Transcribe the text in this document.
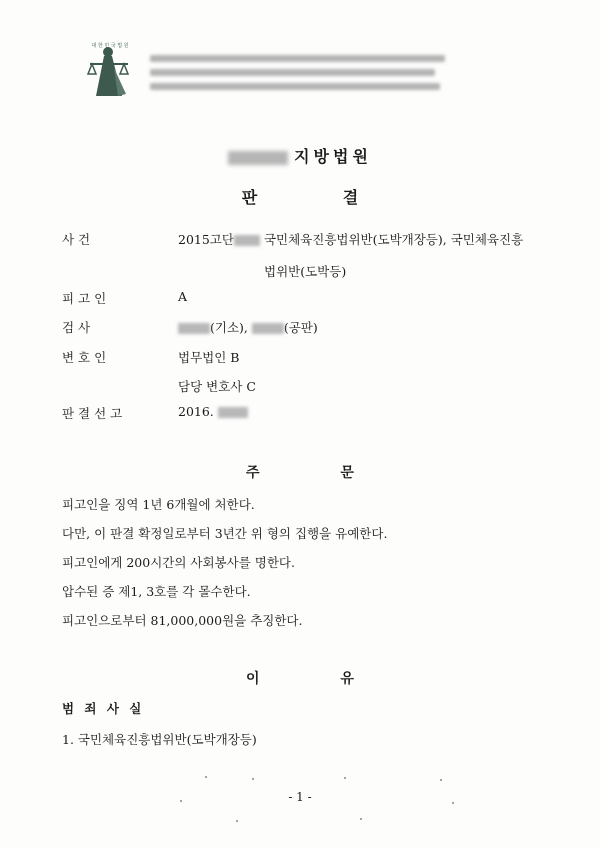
대 한 민 국 법 원
지방법원
판 결
사 건	2015고단 국민체육진흥법위반(도박개장등), 국민체육진흥
법위반(도박등)
피 고 인	A
검 사	(기소),	(공판)
변 호 인	법무법인 B
담당 변호사 C
판 결 선 고	2016.
주 문
피고인을 징역 1년 6개월에 처한다.
다만, 이 판결 확정일로부터 3년간 위 형의 집행을 유예한다.
피고인에게 200시간의 사회봉사를 명한다.
압수된 증 제1, 3호를 각 몰수한다.
피고인으로부터 81,000,000원을 추징한다.
이 유
범 죄 사 실
1. 국민체육진흥법위반(도박개장등)
- 1 -
